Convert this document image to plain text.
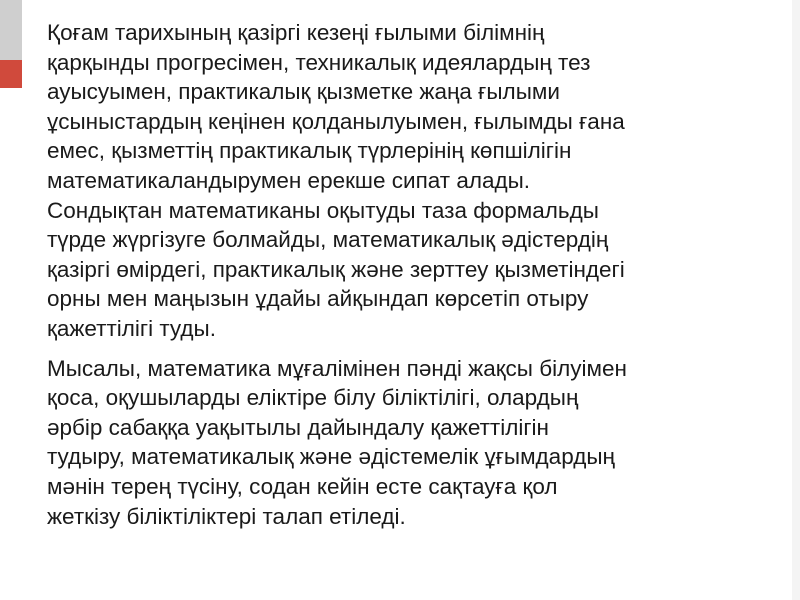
Қоғам тарихының қазіргі кезеңі ғылыми білімнің
қарқынды прогресімен, техникалық идеялардың тез
ауысуымен, практикалық қызметке жаңа ғылыми
ұсыныстардың кеңінен қолданылуымен, ғылымды ғана
емес, қызметтің практикалық түрлерінің көпшілігін
математикаландырумен ерекше сипат алады.
Сондықтан математиканы оқытуды таза формальды
түрде жүргізуге болмайды, математикалық әдістердің
қазіргі өмірдегі, практикалық және зерттеу қызметіндегі
орны мен маңызын ұдайы айқындап көрсетіп отыру
қажеттілігі туды.

Мысалы, математика мұғалімінен пәнді жақсы білуімен
қоса, оқушыларды еліктіре білу біліктілігі, олардың
әрбір сабаққа уақытылы дайындалу қажеттілігін
тудыру, математикалық және әдістемелік ұғымдардың
мәнін терең түсіну, содан кейін есте сақтауға қол
жеткізу біліктіліктері талап етіледі.
